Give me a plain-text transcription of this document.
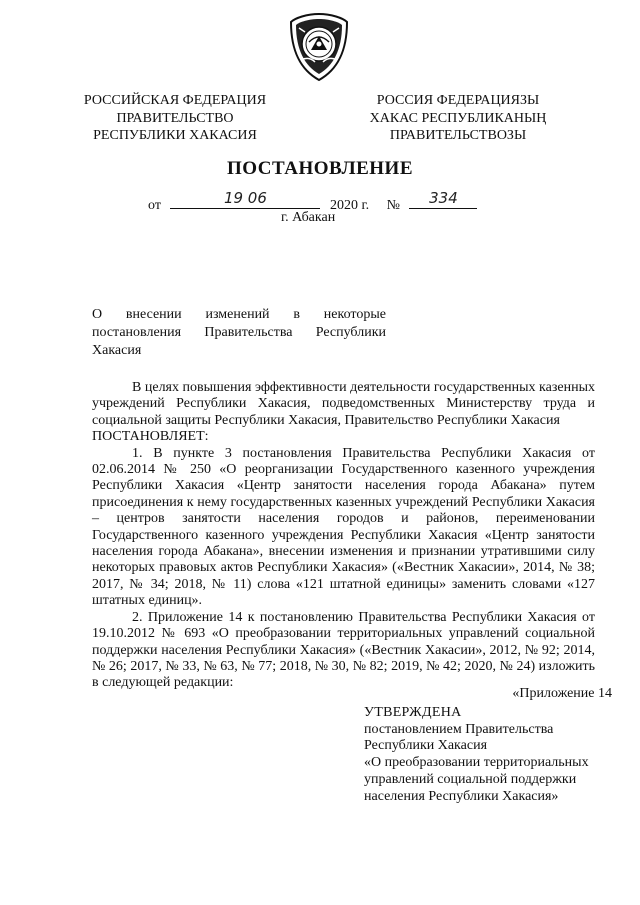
РОССИЙСКАЯ ФЕДЕРАЦИЯ
ПРАВИТЕЛЬСТВО
РЕСПУБЛИКИ ХАКАСИЯ
РОССИЯ ФЕДЕРАЦИЯЗЫ
ХАКАС РЕСПУБЛИКАНЫҢ
ПРАВИТЕЛЬСТВОЗЫ
ПОСТАНОВЛЕНИЕ
от	19 06	2020 г. №	334
г. Абакан
О внесении изменений в некоторые
постановления Правительства Республики
Хакасия

В целях повышения эффективности деятельности государственных казенных учреждений Республики Хакасия, подведомственных Министерству труда и социальной защиты Республики Хакасия, Правительство Республики Хакасия

ПОСТАНОВЛЯЕТ:

1. В пункте 3 постановления Правительства Республики Хакасия от 02.06.2014 № 250 «О реорганизации Государственного казенного учреждения Республики Хакасия «Центр занятости населения города Абакана» путем присоединения к нему государственных казенных учреждений Республики Хакасия – центров занятости населения городов и районов, переименовании Государственного казенного учреждения Республики Хакасия «Центр занятости населения города Абакана», внесении изменения и признании утратившими силу некоторых правовых актов Республики Хакасия» («Вестник Хакасии», 2014, № 38; 2017, № 34; 2018, № 11) слова «121 штатной единицы» заменить словами «127 штатных единиц».

2. Приложение 14 к постановлению Правительства Республики Хакасия от 19.10.2012 № 693 «О преобразовании территориальных управлений социальной поддержки населения Республики Хакасия» («Вестник Хакасии», 2012, № 92; 2014, № 26; 2017, № 33, № 63, № 77; 2018, № 30, № 82; 2019, № 42; 2020, № 24) изложить в следующей редакции:

«Приложение 14
УТВЕРЖДЕНА
постановлением Правительства
Республики Хакасия
«О преобразовании территориальных
управлений социальной поддержки
населения Республики Хакасия»
